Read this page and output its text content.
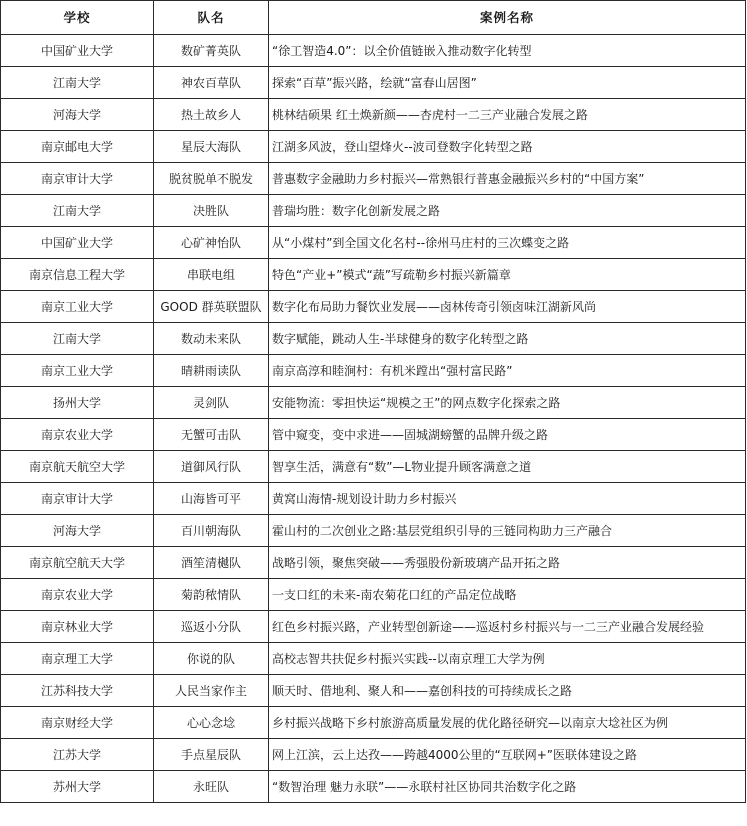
学校	队名	案例名称
中国矿业大学	数矿菁英队	“徐工智造4.0”：以全价值链嵌入推动数字化转型
江南大学	神农百草队	探索“百草”振兴路，绘就“富春山居图”
河海大学	热土故乡人	桃林结硕果 红土焕新颜——杏虎村一二三产业融合发展之路
南京邮电大学	星辰大海队	江湖多风波，登山望烽火--波司登数字化转型之路
南京审计大学	脱贫脱单不脱发	普惠数字金融助力乡村振兴—常熟银行普惠金融振兴乡村的“中国方案”
江南大学	决胜队	普瑞均胜：数字化创新发展之路
中国矿业大学	心矿神怡队	从“小煤村”到全国文化名村--徐州马庄村的三次蝶变之路
南京信息工程大学	串联电组	特色“产业+”模式“蔬”写疏勒乡村振兴新篇章
南京工业大学	GOOD 群英联盟队	数字化布局助力餐饮业发展——卤林传奇引领卤味江湖新风尚
江南大学	数动未来队	数字赋能，跳动人生-半球健身的数字化转型之路
南京工业大学	晴耕雨读队	南京高淳和睦涧村：有机米蹚出“强村富民路”
扬州大学	灵剑队	安能物流：零担快运“规模之王”的网点数字化探索之路
南京农业大学	无蟹可击队	管中窥变，变中求进——固城湖螃蟹的品牌升级之路
南京航天航空大学	道御风行队	智享生活，满意有“数”—L物业提升顾客满意之道
南京审计大学	山海皆可平	黄窝山海情-规划设计助力乡村振兴
河海大学	百川朝海队	霍山村的二次创业之路:基层党组织引导的三链同构助力三产融合
南京航空航天大学	酒笙清樾队	战略引领，聚焦突破——秀强股份新玻璃产品开拓之路
南京农业大学	菊韵秾情队	一支口红的未来-南农菊花口红的产品定位战略
南京林业大学	巡返小分队	红色乡村振兴路，产业转型创新途——巡返村乡村振兴与一二三产业融合发展经验
南京理工大学	你说的队	高校志智共扶促乡村振兴实践--以南京理工大学为例
江苏科技大学	人民当家作主	顺天时、借地利、聚人和——嘉创科技的可持续成长之路
南京财经大学	心心念埝	乡村振兴战略下乡村旅游高质量发展的优化路径研究—以南京大埝社区为例
江苏大学	手点星辰队	网上江滨，云上达孜——跨越4000公里的“互联网+”医联体建设之路
苏州大学	永旺队	“数智治理 魅力永联”——永联村社区协同共治数字化之路
